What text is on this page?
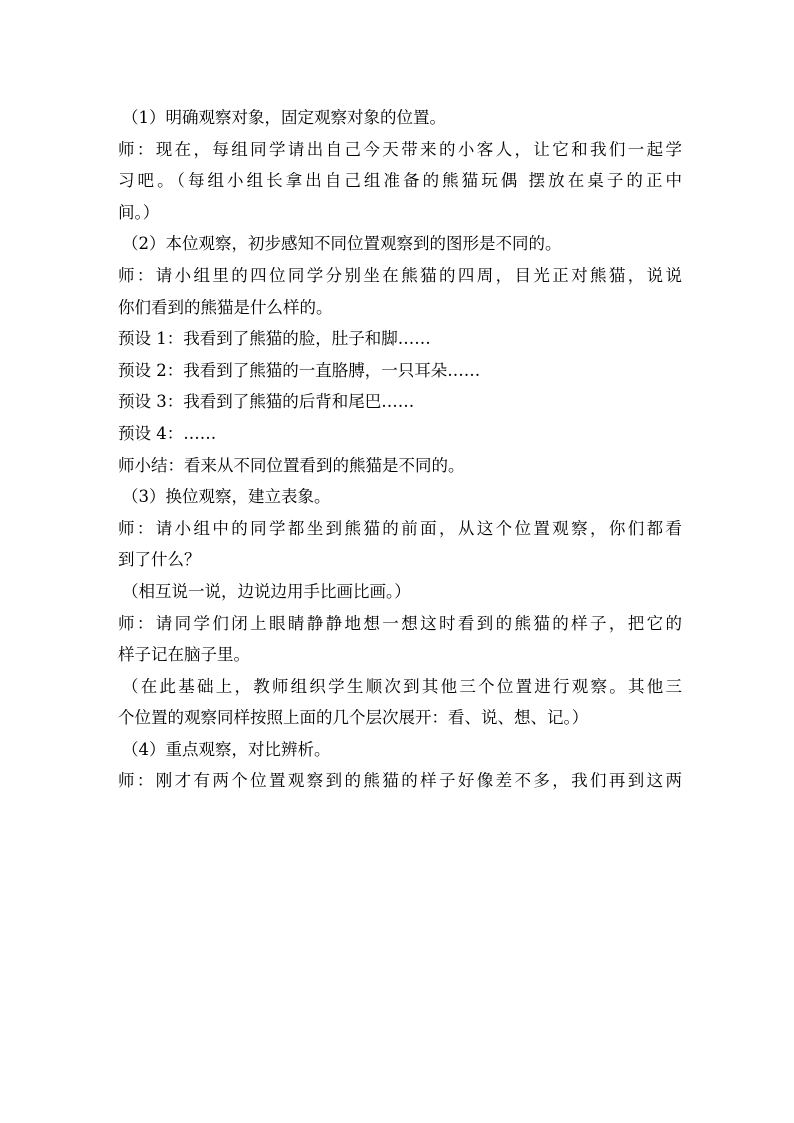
（1）明确观察对象，固定观察对象的位置。
师：现在，每组同学请出自己今天带来的小客人，让它和我们一起学
习吧。（每组小组长拿出自己组准备的熊猫玩偶 摆放在桌子的正中
间。）
（2）本位观察，初步感知不同位置观察到的图形是不同的。
师：请小组里的四位同学分别坐在熊猫的四周，目光正对熊猫，说说
你们看到的熊猫是什么样的。
预设 1：我看到了熊猫的脸，肚子和脚……
预设 2：我看到了熊猫的一直胳膊，一只耳朵……
预设 3：我看到了熊猫的后背和尾巴……
预设 4：……
师小结：看来从不同位置看到的熊猫是不同的。
（3）换位观察，建立表象。
师：请小组中的同学都坐到熊猫的前面，从这个位置观察，你们都看
到了什么？
（相互说一说，边说边用手比画比画。）
师：请同学们闭上眼睛静静地想一想这时看到的熊猫的样子，把它的
样子记在脑子里。
（在此基础上，教师组织学生顺次到其他三个位置进行观察。其他三
个位置的观察同样按照上面的几个层次展开：看、说、想、记。）
（4）重点观察，对比辨析。
师：刚才有两个位置观察到的熊猫的样子好像差不多，我们再到这两
